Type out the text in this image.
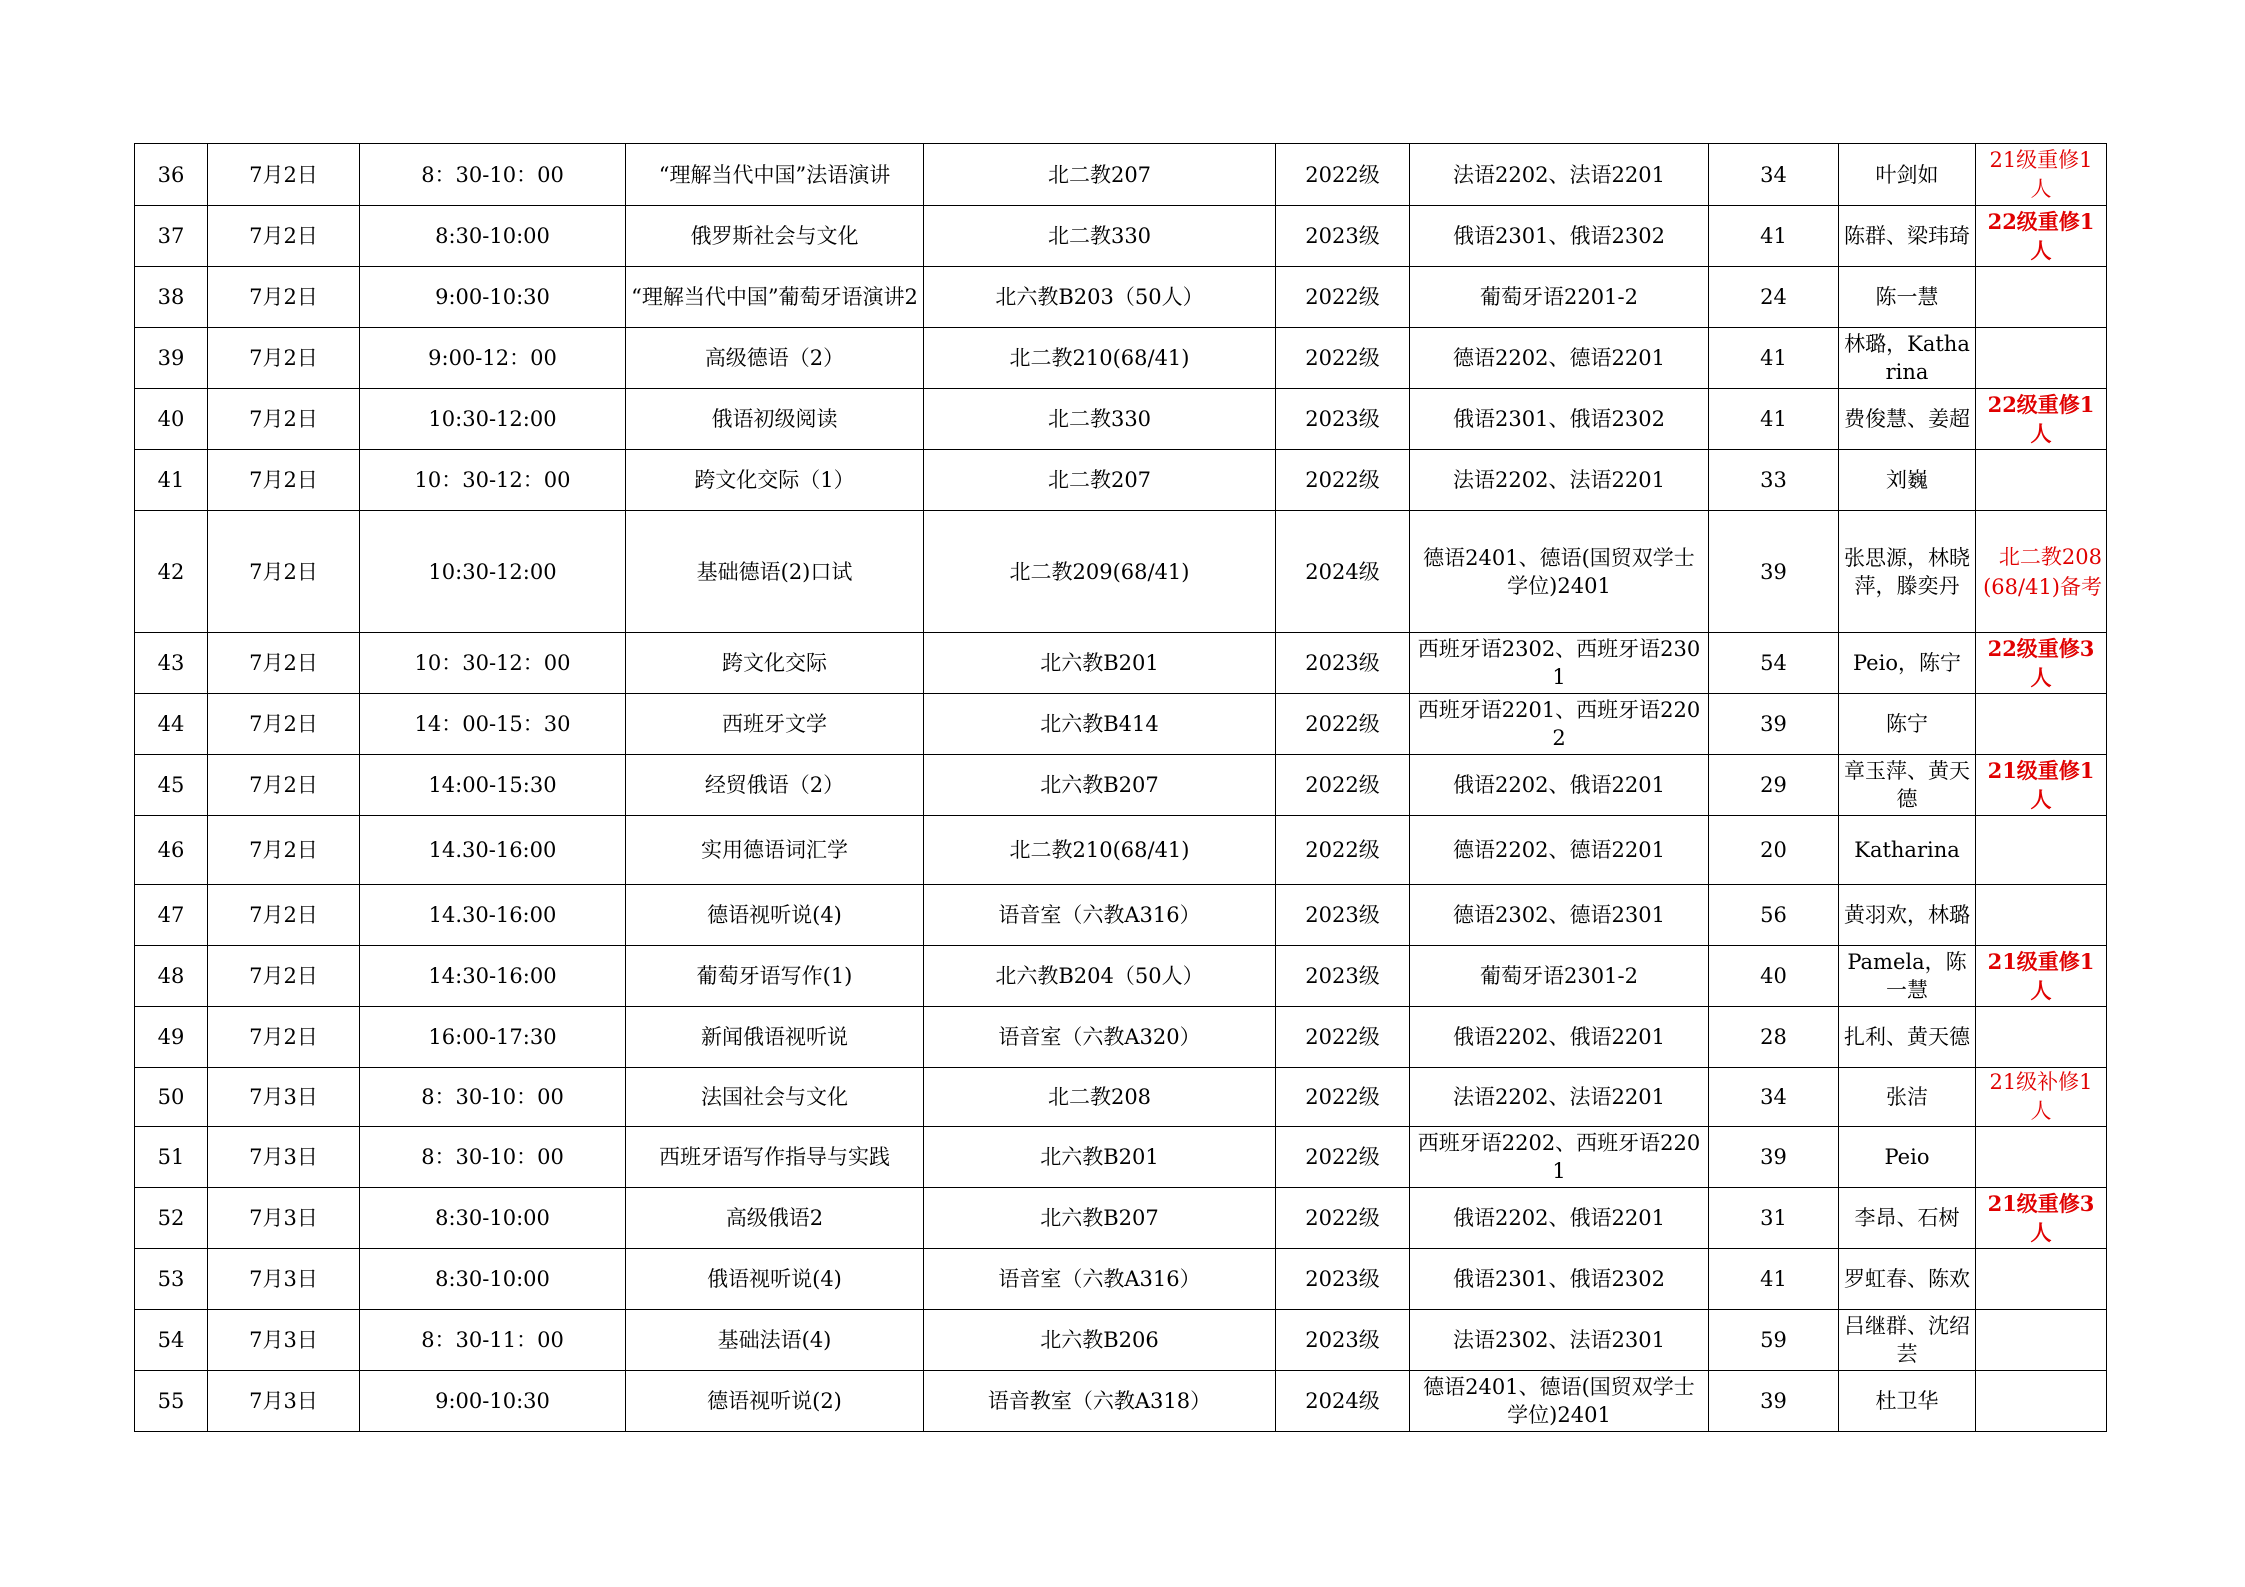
36	7月2日	8：30-10：00	“理解当代中国”法语演讲	北二教207	2022级	法语2202、法语2201	34	叶剑如	21级重修1人
37	7月2日	8:30-10:00	俄罗斯社会与文化	北二教330	2023级	俄语2301、俄语2302	41	陈群、梁玮琦	22级重修1人
38	7月2日	9:00-10:30	“理解当代中国”葡萄牙语演讲2	北六教B203（50人）	2022级	葡萄牙语2201-2	24	陈一慧	
39	7月2日	9:00-12：00	高级德语（2）	北二教210(68/41)	2022级	德语2202、德语2201	41	林璐，Katharina	
40	7月2日	10:30-12:00	俄语初级阅读	北二教330	2023级	俄语2301、俄语2302	41	费俊慧、姜超	22级重修1人
41	7月2日	10：30-12：00	跨文化交际（1）	北二教207	2022级	法语2202、法语2201	33	刘巍	
42	7月2日	10:30-12:00	基础德语(2)口试	北二教209(68/41)	2024级	德语2401、德语(国贸双学士学位)2401	39	张思源，林晓萍，滕奕丹	北二教208(68/41)备考
43	7月2日	10：30-12：00	跨文化交际	北六教B201	2023级	西班牙语2302、西班牙语2301	54	Peio，陈宁	22级重修3人
44	7月2日	14：00-15：30	西班牙文学	北六教B414	2022级	西班牙语2201、西班牙语2202	39	陈宁	
45	7月2日	14:00-15:30	经贸俄语（2）	北六教B207	2022级	俄语2202、俄语2201	29	章玉萍、黄天德	21级重修1人
46	7月2日	14.30-16:00	实用德语词汇学	北二教210(68/41)	2022级	德语2202、德语2201	20	Katharina	
47	7月2日	14.30-16:00	德语视听说(4)	语音室（六教A316）	2023级	德语2302、德语2301	56	黄羽欢，林璐	
48	7月2日	14:30-16:00	葡萄牙语写作(1)	北六教B204（50人）	2023级	葡萄牙语2301-2	40	Pamela，陈一慧	21级重修1人
49	7月2日	16:00-17:30	新闻俄语视听说	语音室（六教A320）	2022级	俄语2202、俄语2201	28	扎利、黄天德	
50	7月3日	8：30-10：00	法国社会与文化	北二教208	2022级	法语2202、法语2201	34	张洁	21级补修1人
51	7月3日	8：30-10：00	西班牙语写作指导与实践	北六教B201	2022级	西班牙语2202、西班牙语2201	39	Peio	
52	7月3日	8:30-10:00	高级俄语2	北六教B207	2022级	俄语2202、俄语2201	31	李昂、石树	21级重修3人
53	7月3日	8:30-10:00	俄语视听说(4)	语音室（六教A316）	2023级	俄语2301、俄语2302	41	罗虹春、陈欢	
54	7月3日	8：30-11：00	基础法语(4)	北六教B206	2023级	法语2302、法语2301	59	吕继群、沈绍芸	
55	7月3日	9:00-10:30	德语视听说(2)	语音教室（六教A318）	2024级	德语2401、德语(国贸双学士学位)2401	39	杜卫华	
